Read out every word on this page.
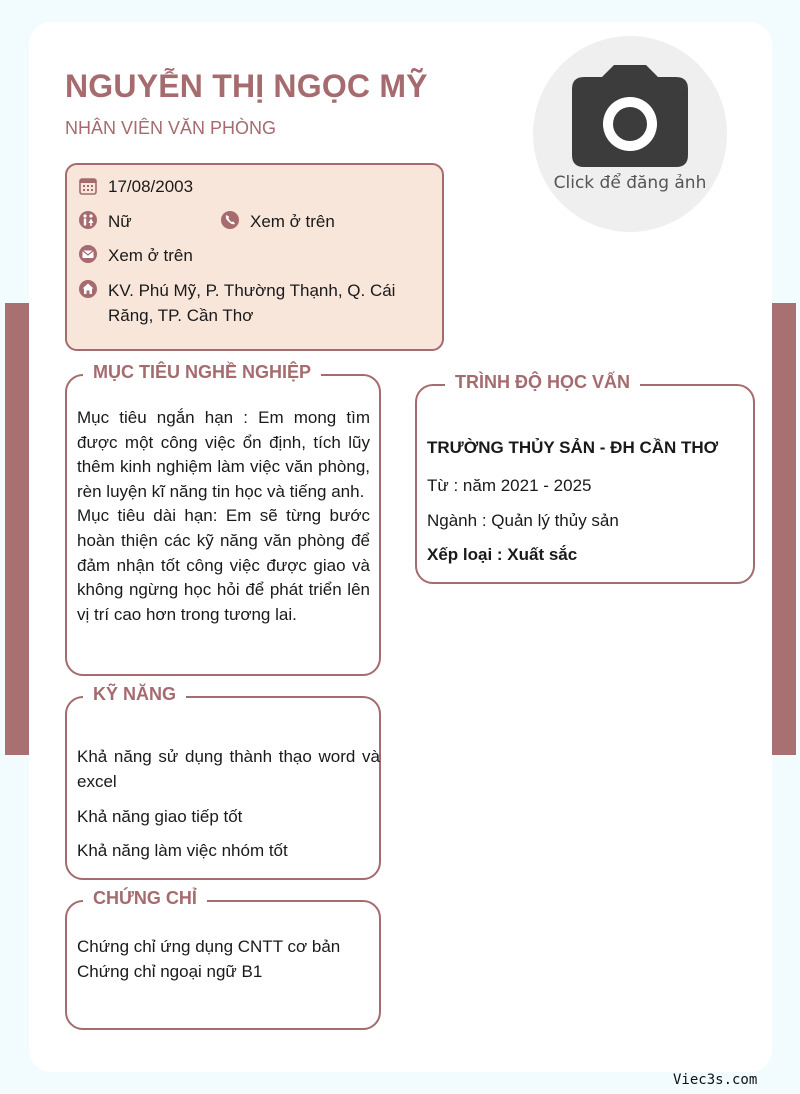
NGUYỄN THỊ NGỌC MỸ
NHÂN VIÊN VĂN PHÒNG
Click để đăng ảnh
17/08/2003
Nữ	Xem ở trên
Xem ở trên
KV. Phú Mỹ, P. Thường Thạnh, Q. Cái
Răng, TP. Cần Thơ
MỤC TIÊU NGHỀ NGHIỆP

Mục tiêu ngắn hạn : Em mong tìm được một công việc ổn định, tích lũy thêm kinh nghiệm làm việc văn phòng, rèn luyện kĩ năng tin học và tiếng anh.

Mục tiêu dài hạn: Em sẽ từng bước hoàn thiện các kỹ năng văn phòng để đảm nhận tốt công việc được giao và không ngừng học hỏi để phát triển lên vị trí cao hơn trong tương lai.

TRÌNH ĐỘ HỌC VẤN
TRƯỜNG THỦY SẢN - ĐH CẦN THƠ
Từ : năm 2021 - 2025
Ngành : Quản lý thủy sản
Xếp loại : Xuất sắc
KỸ NĂNG
Khả năng sử dụng thành thạo word và excel
Khả năng giao tiếp tốt
Khả năng làm việc nhóm tốt
CHỨNG CHỈ
Chứng chỉ ứng dụng CNTT cơ bản
Chứng chỉ ngoại ngữ B1
Viec3s.com
